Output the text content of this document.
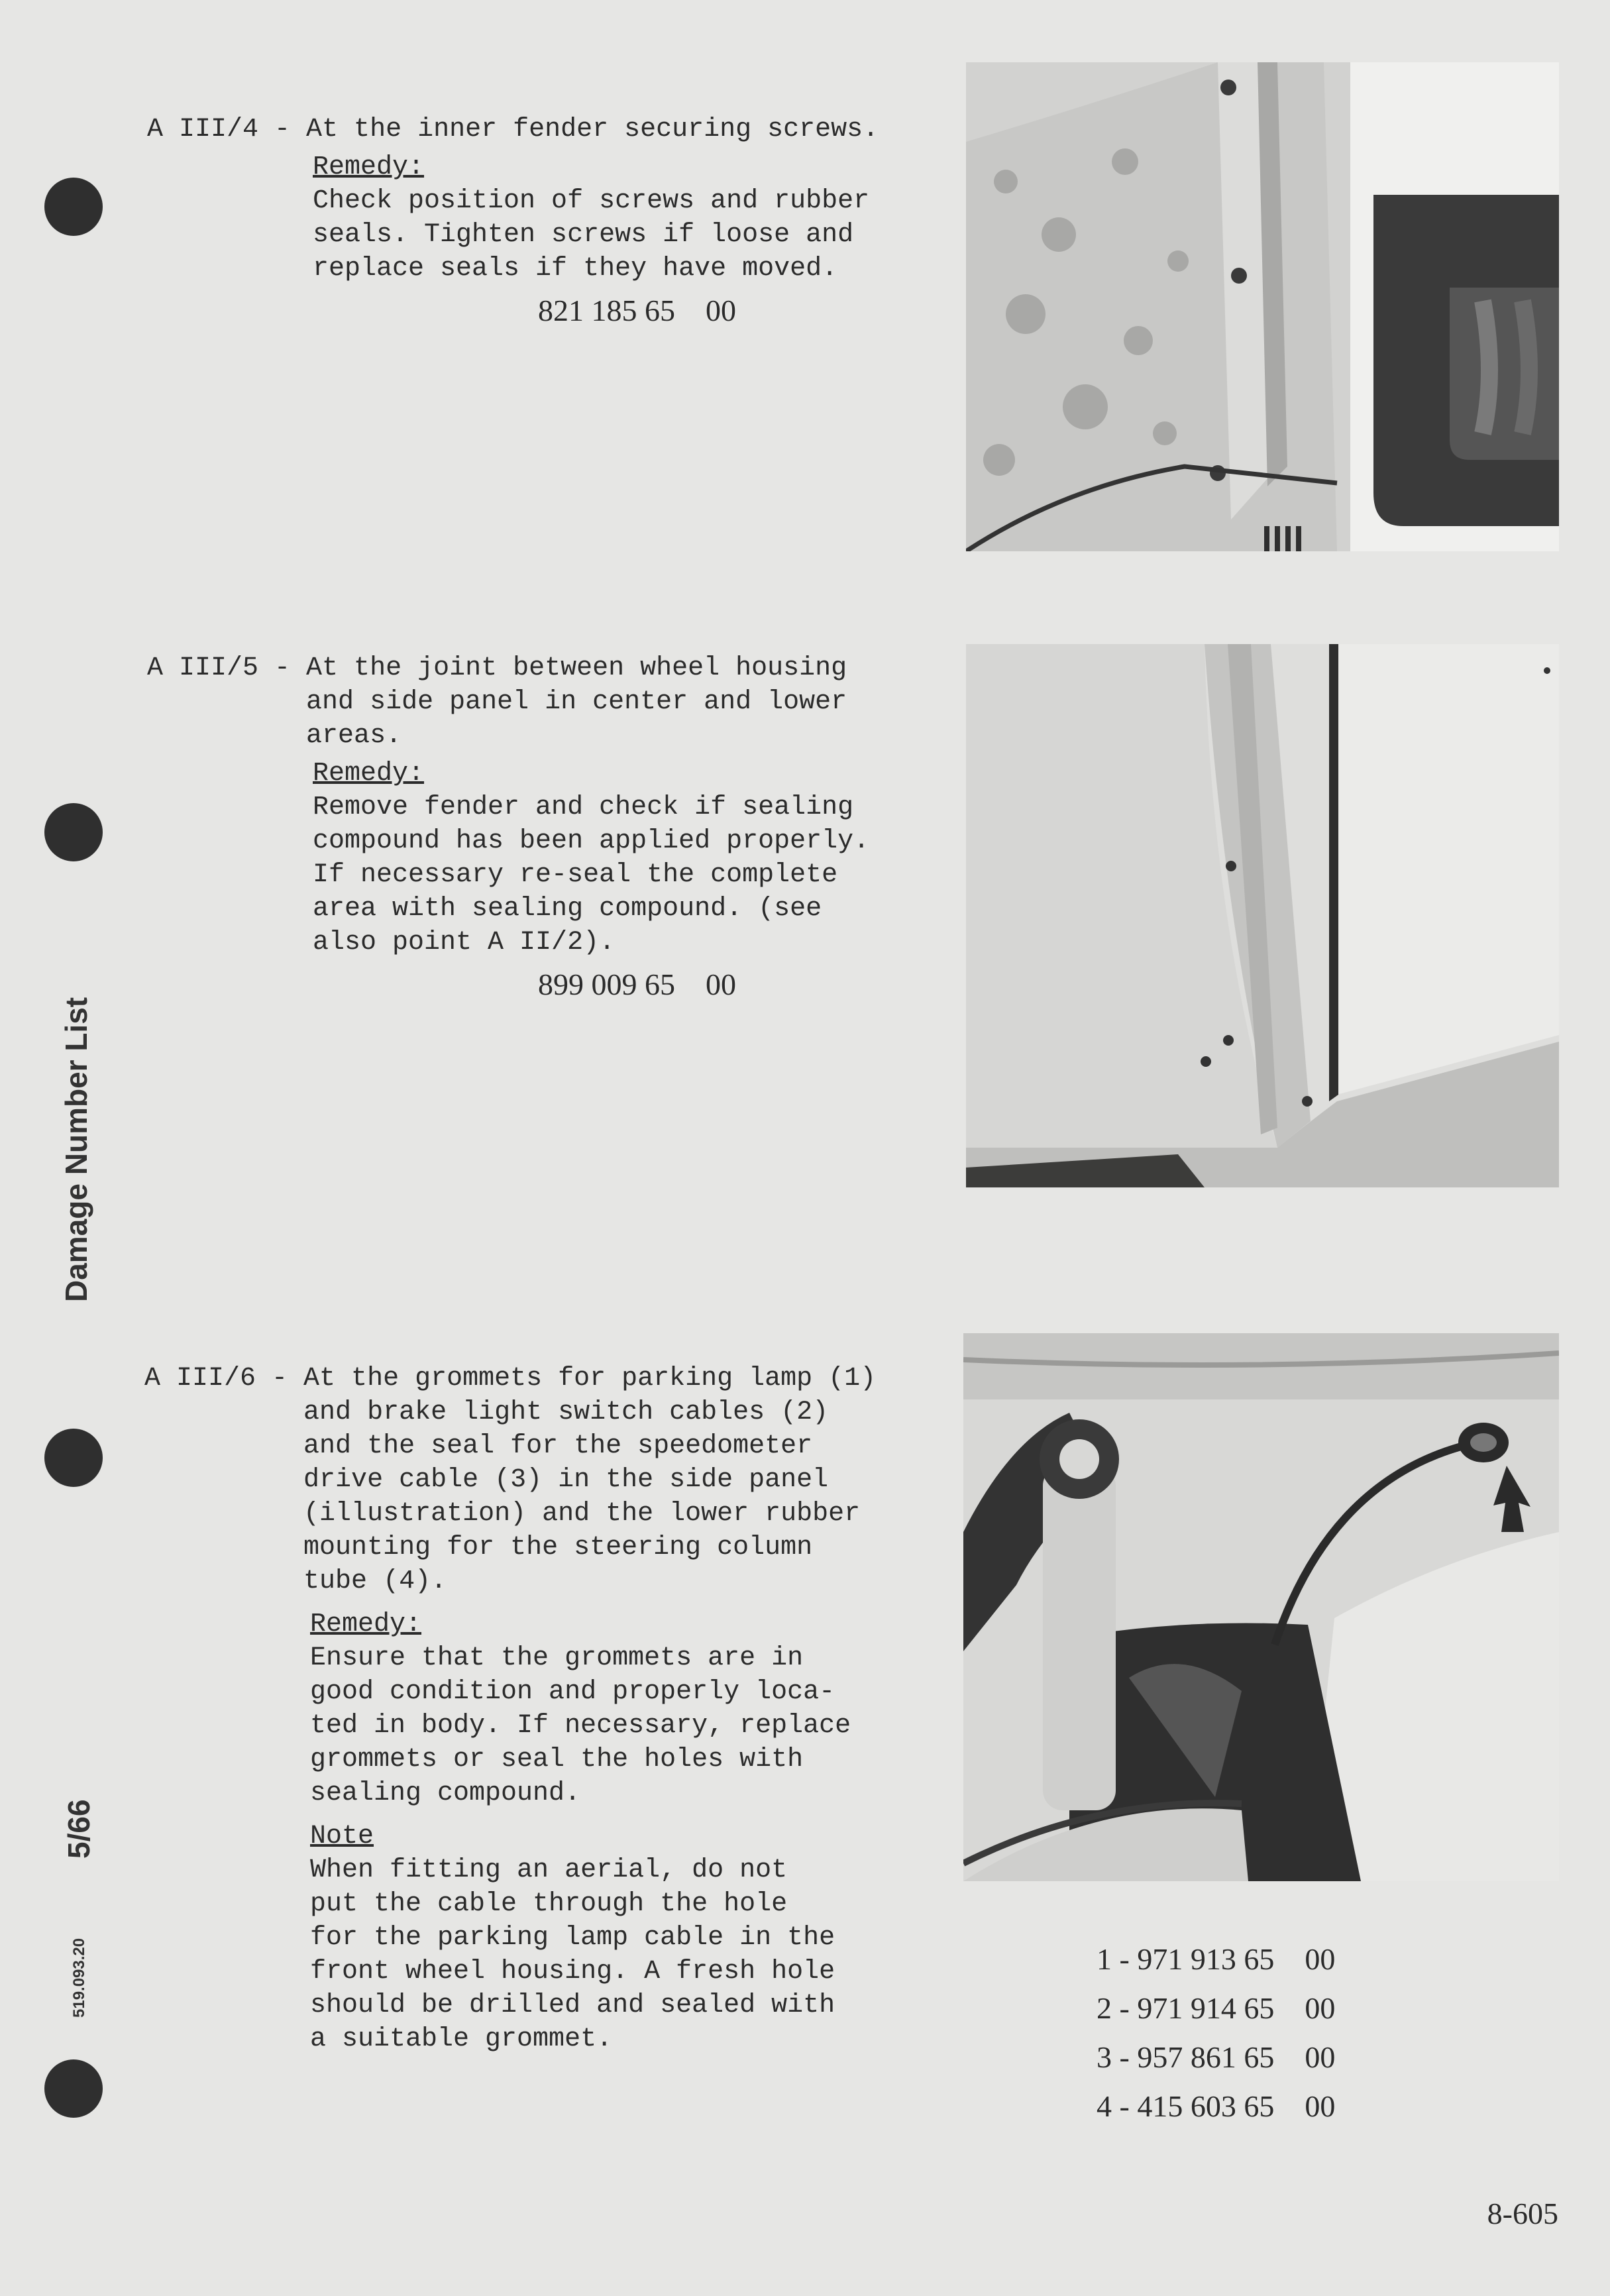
Damage Number List
5/66
519.093.20
A III/4 - At the inner fender securing screws.

Remedy:

Check position of screws and rubber

seals. Tighten screws if loose and

replace seals if they have moved.

821 185 65    00
A III/5 - At the joint between wheel housing

and side panel in center and lower

areas.

Remedy:

Remove fender and check if sealing

compound has been applied properly.

If necessary re-seal the complete

area with sealing compound. (see

also point A II/2).

899 009 65    00
A III/6 - At the grommets for parking lamp (1)

and brake light switch cables (2)

and the seal for the speedometer

drive cable (3) in the side panel

(illustration) and the lower rubber

mounting for the steering column

tube (4).

Remedy:

Ensure that the grommets are in

good condition and properly loca-

ted in body. If necessary, replace

grommets or seal the holes with

sealing compound.

Note

When fitting an aerial, do not

put the cable through the hole

for the parking lamp cable in the

front wheel housing. A fresh hole

should be drilled and sealed with

a suitable grommet.

1 - 971 913 65    00
2 - 971 914 65    00
3 - 957 861 65    00
4 - 415 603 65    00
8-605
